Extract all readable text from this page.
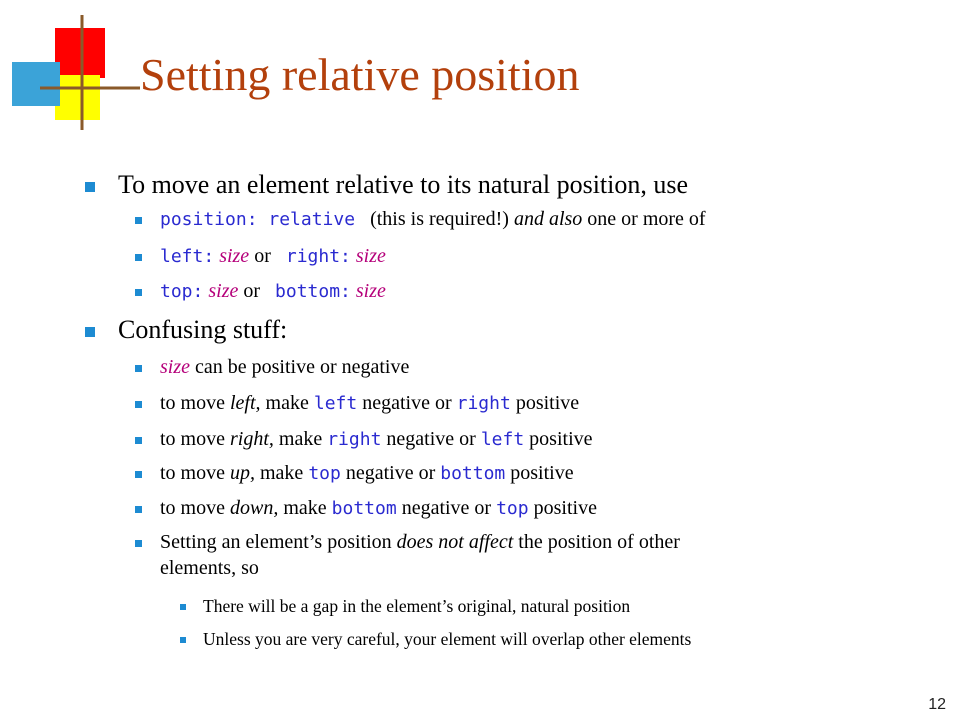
Setting relative position
To move an element relative to its natural position, use
position: relative (this is required!) and also one or more of
left: size or right: size
top: size or bottom: size
Confusing stuff:
size can be positive or negative
to move left, make left negative or right positive
to move right, make right negative or left positive
to move up, make top negative or bottom positive
to move down, make bottom negative or top positive
Setting an element’s position does not affect the position of other
elements, so
There will be a gap in the element’s original, natural position
Unless you are very careful, your element will overlap other elements
12
